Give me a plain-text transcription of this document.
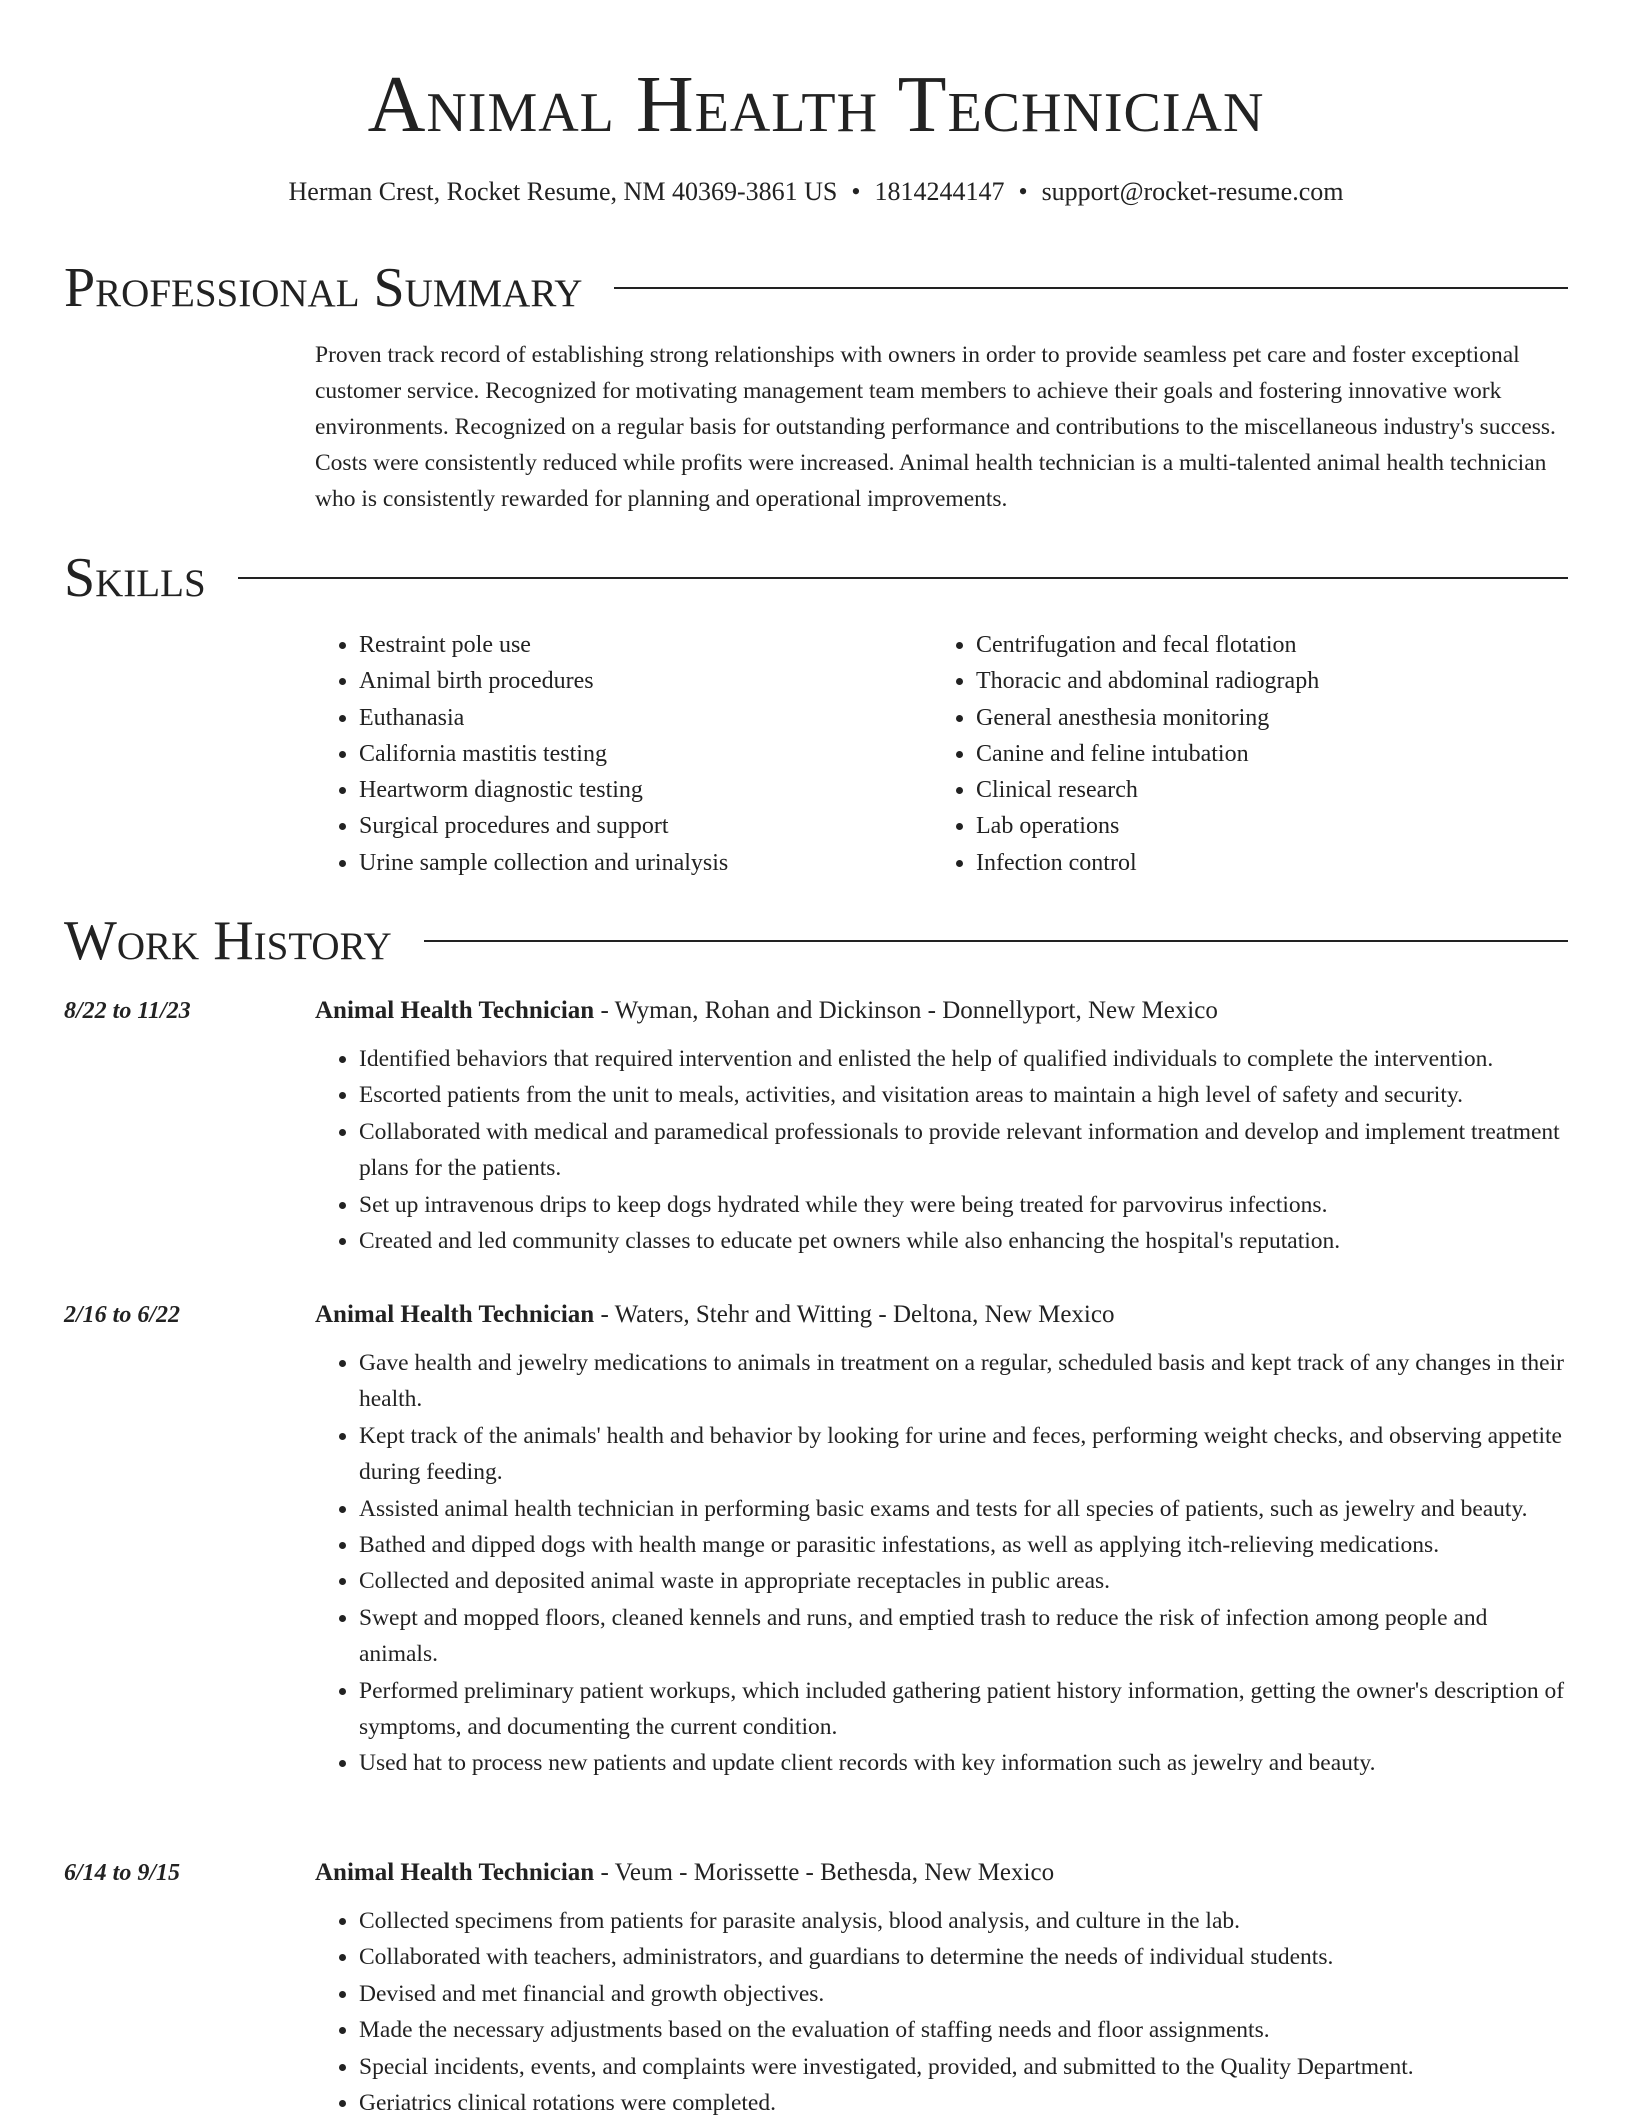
Animal Health Technician
Herman Crest, Rocket Resume, NM 40369-3861 US • 1814244147 • support@rocket-resume.com
Professional Summary

Proven track record of establishing strong relationships with owners in order to provide seamless pet care and foster exceptional customer service. Recognized for motivating management team members to achieve their goals and fostering innovative work environments. Recognized on a regular basis for outstanding performance and contributions to the miscellaneous industry's success. Costs were consistently reduced while profits were increased. Animal health technician is a multi-talented animal health technician who is consistently rewarded for planning and operational improvements.

Skills
• Restraint pole use
• Animal birth procedures
• Euthanasia
• California mastitis testing
• Heartworm diagnostic testing
• Surgical procedures and support
• Urine sample collection and urinalysis
• Centrifugation and fecal flotation
• Thoracic and abdominal radiograph
• General anesthesia monitoring
• Canine and feline intubation
• Clinical research
• Lab operations
• Infection control
Work History
8/22 to 11/23	Animal Health Technician - Wyman, Rohan and Dickinson - Donnellyport, New Mexico
• Identified behaviors that required intervention and enlisted the help of qualified individuals to complete the intervention.
• Escorted patients from the unit to meals, activities, and visitation areas to maintain a high level of safety and security.
• Collaborated with medical and paramedical professionals to provide relevant information and develop and implement treatment plans for the patients.
• Set up intravenous drips to keep dogs hydrated while they were being treated for parvovirus infections.
• Created and led community classes to educate pet owners while also enhancing the hospital's reputation.
2/16 to 6/22	Animal Health Technician - Waters, Stehr and Witting - Deltona, New Mexico
• Gave health and jewelry medications to animals in treatment on a regular, scheduled basis and kept track of any changes in their health.
• Kept track of the animals' health and behavior by looking for urine and feces, performing weight checks, and observing appetite during feeding.
• Assisted animal health technician in performing basic exams and tests for all species of patients, such as jewelry and beauty.
• Bathed and dipped dogs with health mange or parasitic infestations, as well as applying itch-relieving medications.
• Collected and deposited animal waste in appropriate receptacles in public areas.
• Swept and mopped floors, cleaned kennels and runs, and emptied trash to reduce the risk of infection among people and animals.
• Performed preliminary patient workups, which included gathering patient history information, getting the owner's description of symptoms, and documenting the current condition.
• Used hat to process new patients and update client records with key information such as jewelry and beauty.
6/14 to 9/15	Animal Health Technician - Veum - Morissette - Bethesda, New Mexico
• Collected specimens from patients for parasite analysis, blood analysis, and culture in the lab.
• Collaborated with teachers, administrators, and guardians to determine the needs of individual students.
• Devised and met financial and growth objectives.
• Made the necessary adjustments based on the evaluation of staffing needs and floor assignments.
• Special incidents, events, and complaints were investigated, provided, and submitted to the Quality Department.
• Geriatrics clinical rotations were completed.
